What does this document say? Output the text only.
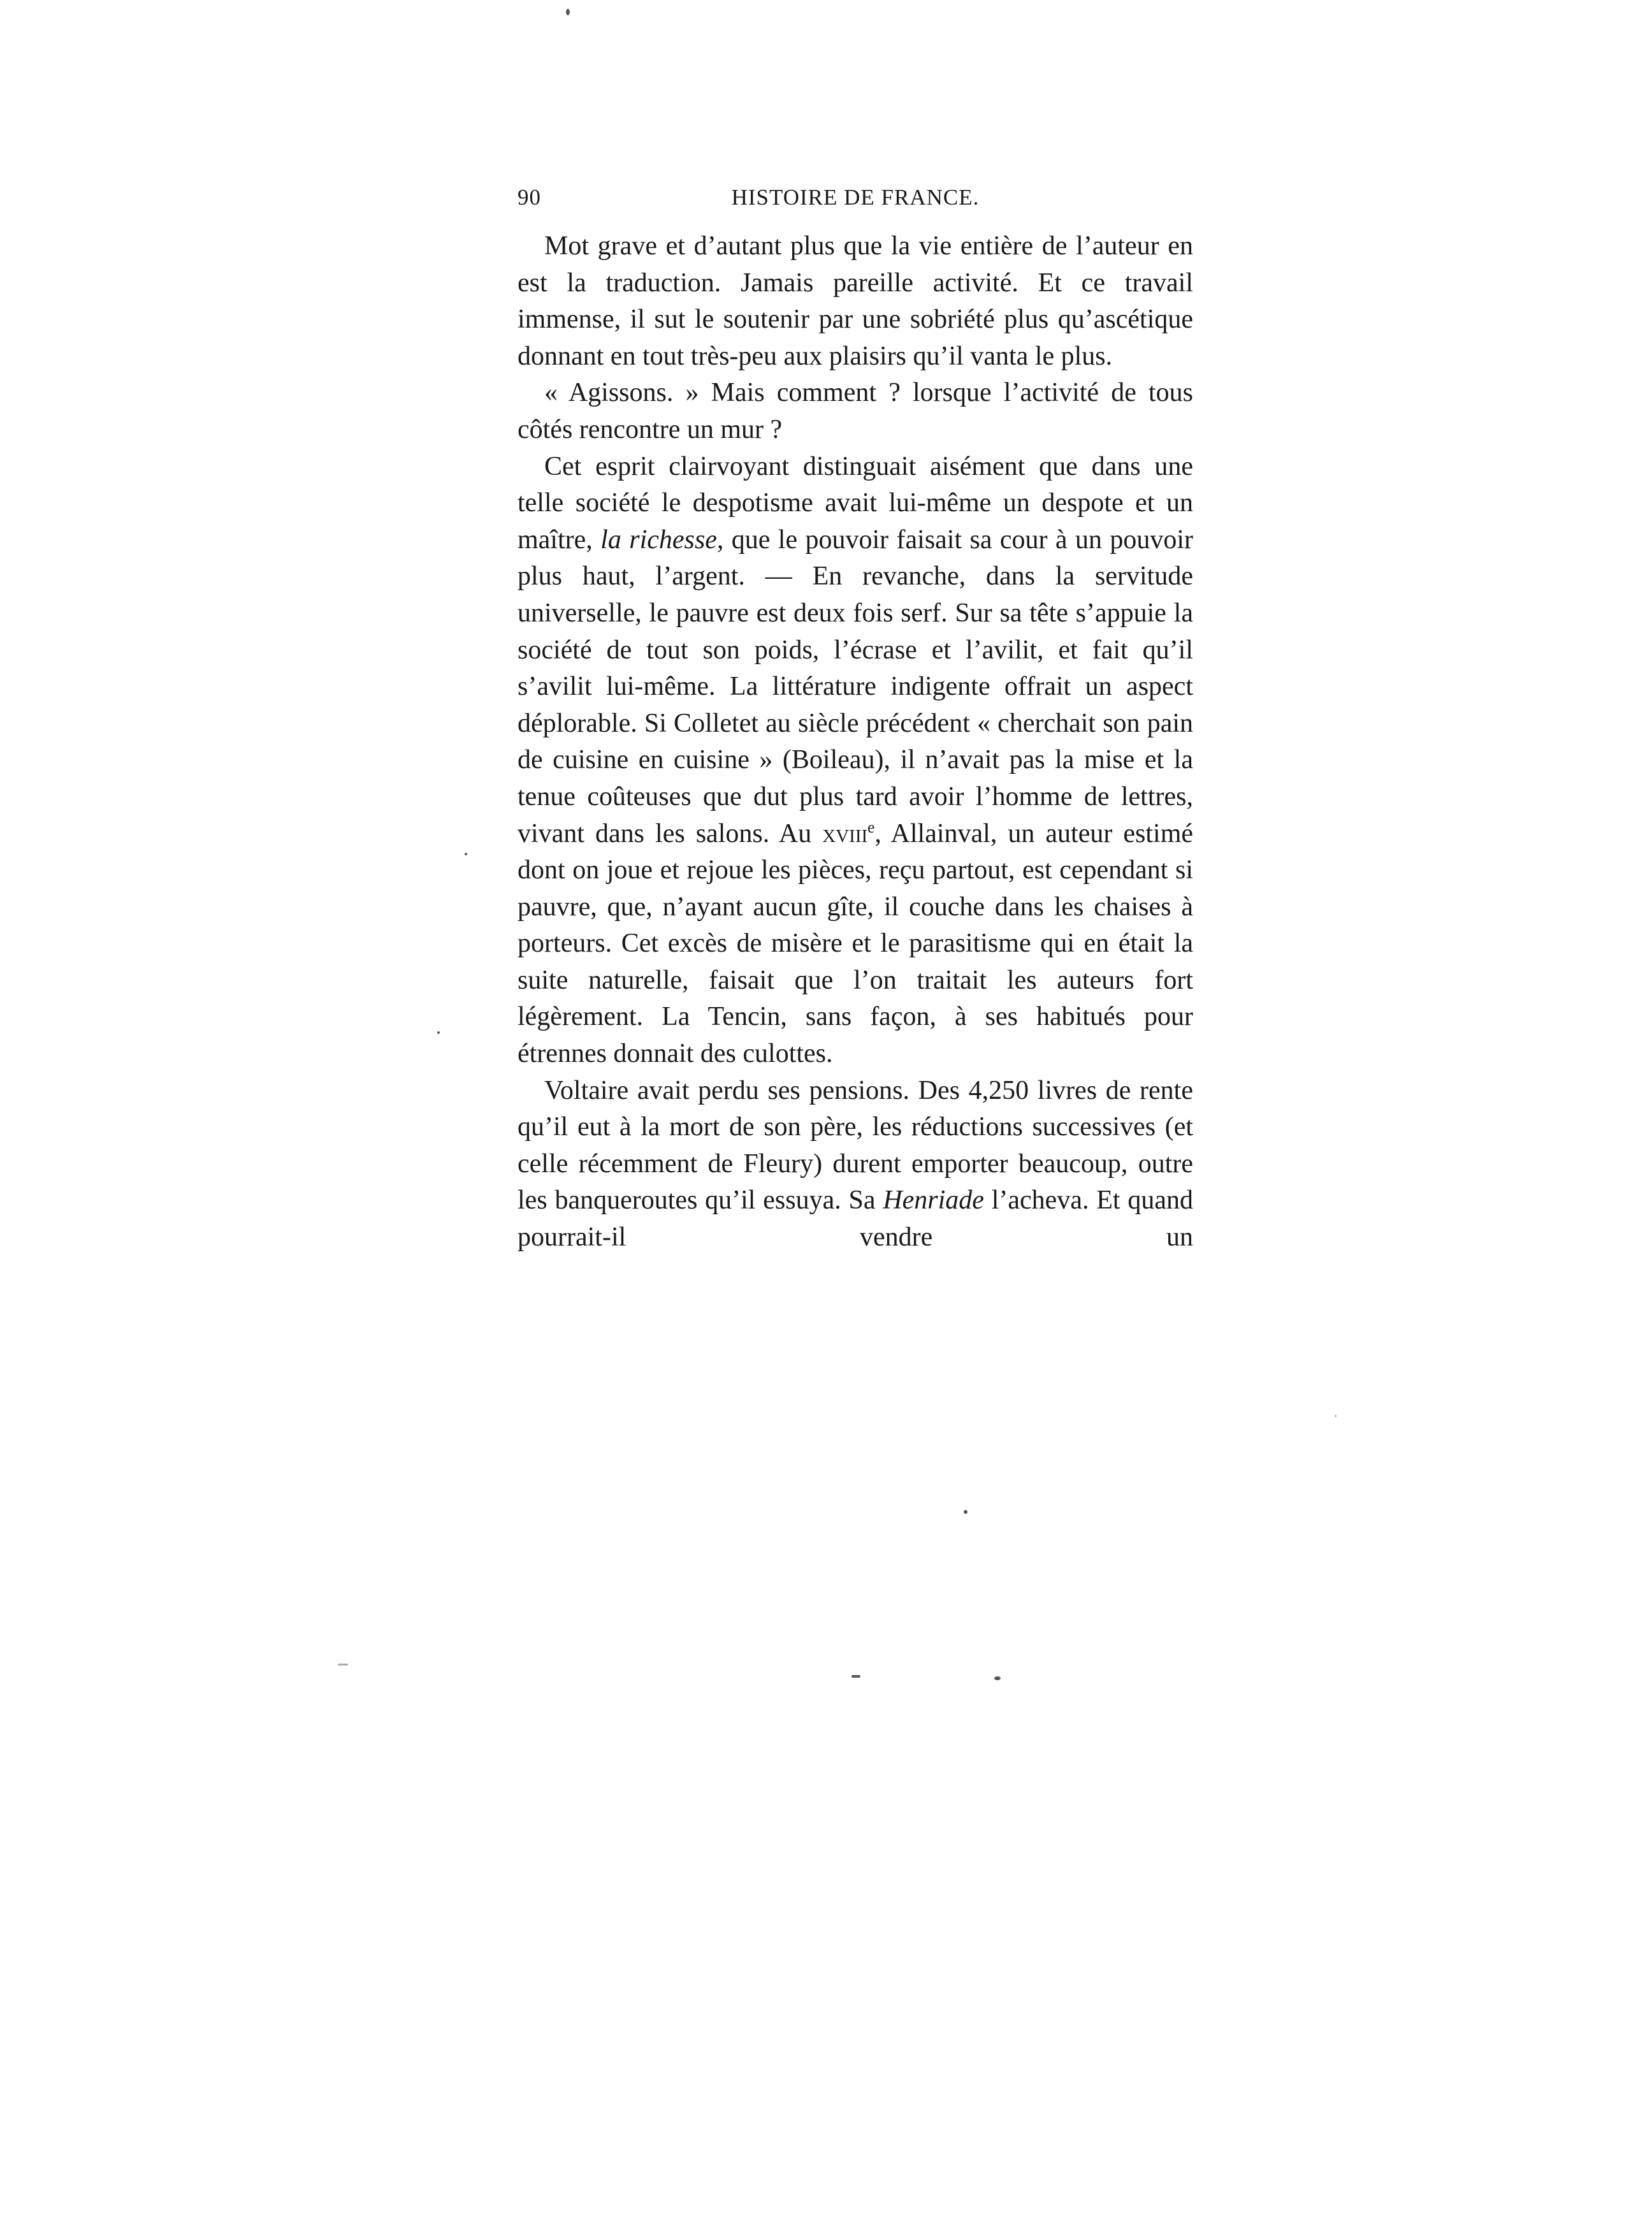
90	HISTOIRE DE FRANCE.

Mot grave et d’autant plus que la vie entière de l’auteur en est la traduction. Jamais pareille activité. Et ce travail immense, il sut le soutenir par une sobriété plus qu’ascétique donnant en tout très-peu aux plaisirs qu’il vanta le plus.

« Agissons. » Mais comment ? lorsque l’activité de tous côtés rencontre un mur ?

Cet esprit clairvoyant distinguait aisément que dans une telle société le despotisme avait lui-même un despote et un maître, la richesse, que le pouvoir faisait sa cour à un pouvoir plus haut, l’argent. — En revanche, dans la servitude universelle, le pauvre est deux fois serf. Sur sa tête s’appuie la société de tout son poids, l’écrase et l’avilit, et fait qu’il s’avilit lui-même. La littérature indigente offrait un aspect déplorable. Si Colletet au siècle précédent « cherchait son pain de cuisine en cuisine » (Boileau), il n’avait pas la mise et la tenue coûteuses que dut plus tard avoir l’homme de lettres, vivant dans les salons. Au xviii$^e$, Allainval, un auteur estimé dont on joue et rejoue les pièces, reçu partout, est cependant si pauvre, que, n’ayant aucun gîte, il couche dans les chaises à porteurs. Cet excès de misère et le parasitisme qui en était la suite naturelle, faisait que l’on traitait les auteurs fort légèrement. La Tencin, sans façon, à ses habitués pour étrennes donnait des culottes.

Voltaire avait perdu ses pensions. Des 4,250 livres de rente qu’il eut à la mort de son père, les réductions successives (et celle récemment de Fleury) durent emporter beaucoup, outre les banqueroutes qu’il essuya. Sa Henriade l’acheva. Et quand pourrait-il vendre un
